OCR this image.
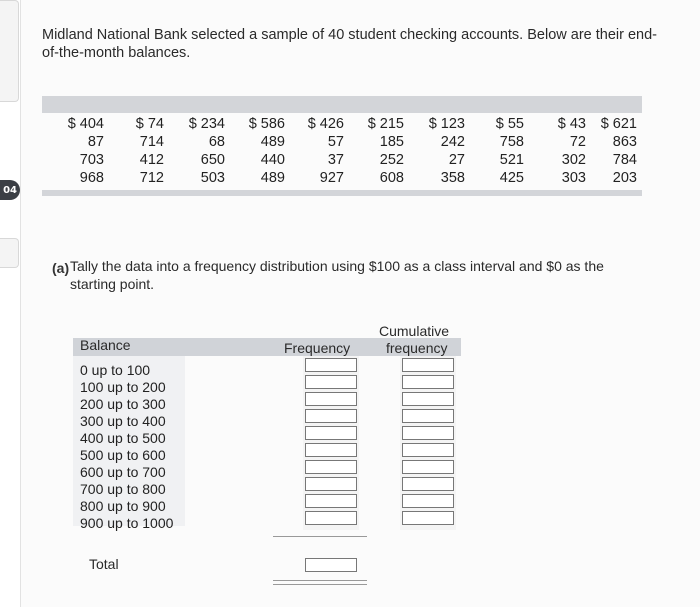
04
Midland National Bank selected a sample of 40 student checking accounts. Below are their end-of-the-month balances.
$ 404
87
703
968
$ 74
714
412
712
$ 234
68
650
503
$ 586
489
440
489
$ 426
57
37
927
$ 215
185
252
608
$ 123
242
27
358
$ 55
758
521
425
$ 43
72
302
303
$ 621
863
784
203
(a) Tally the data into a frequency distribution using $100 as a class interval and $0 as the starting point.
Balance	Frequency
Cumulative
frequency
0 up to 100
100 up to 200
200 up to 300
300 up to 400
400 up to 500
500 up to 600
600 up to 700
700 up to 800
800 up to 900
900 up to 1000
Total
